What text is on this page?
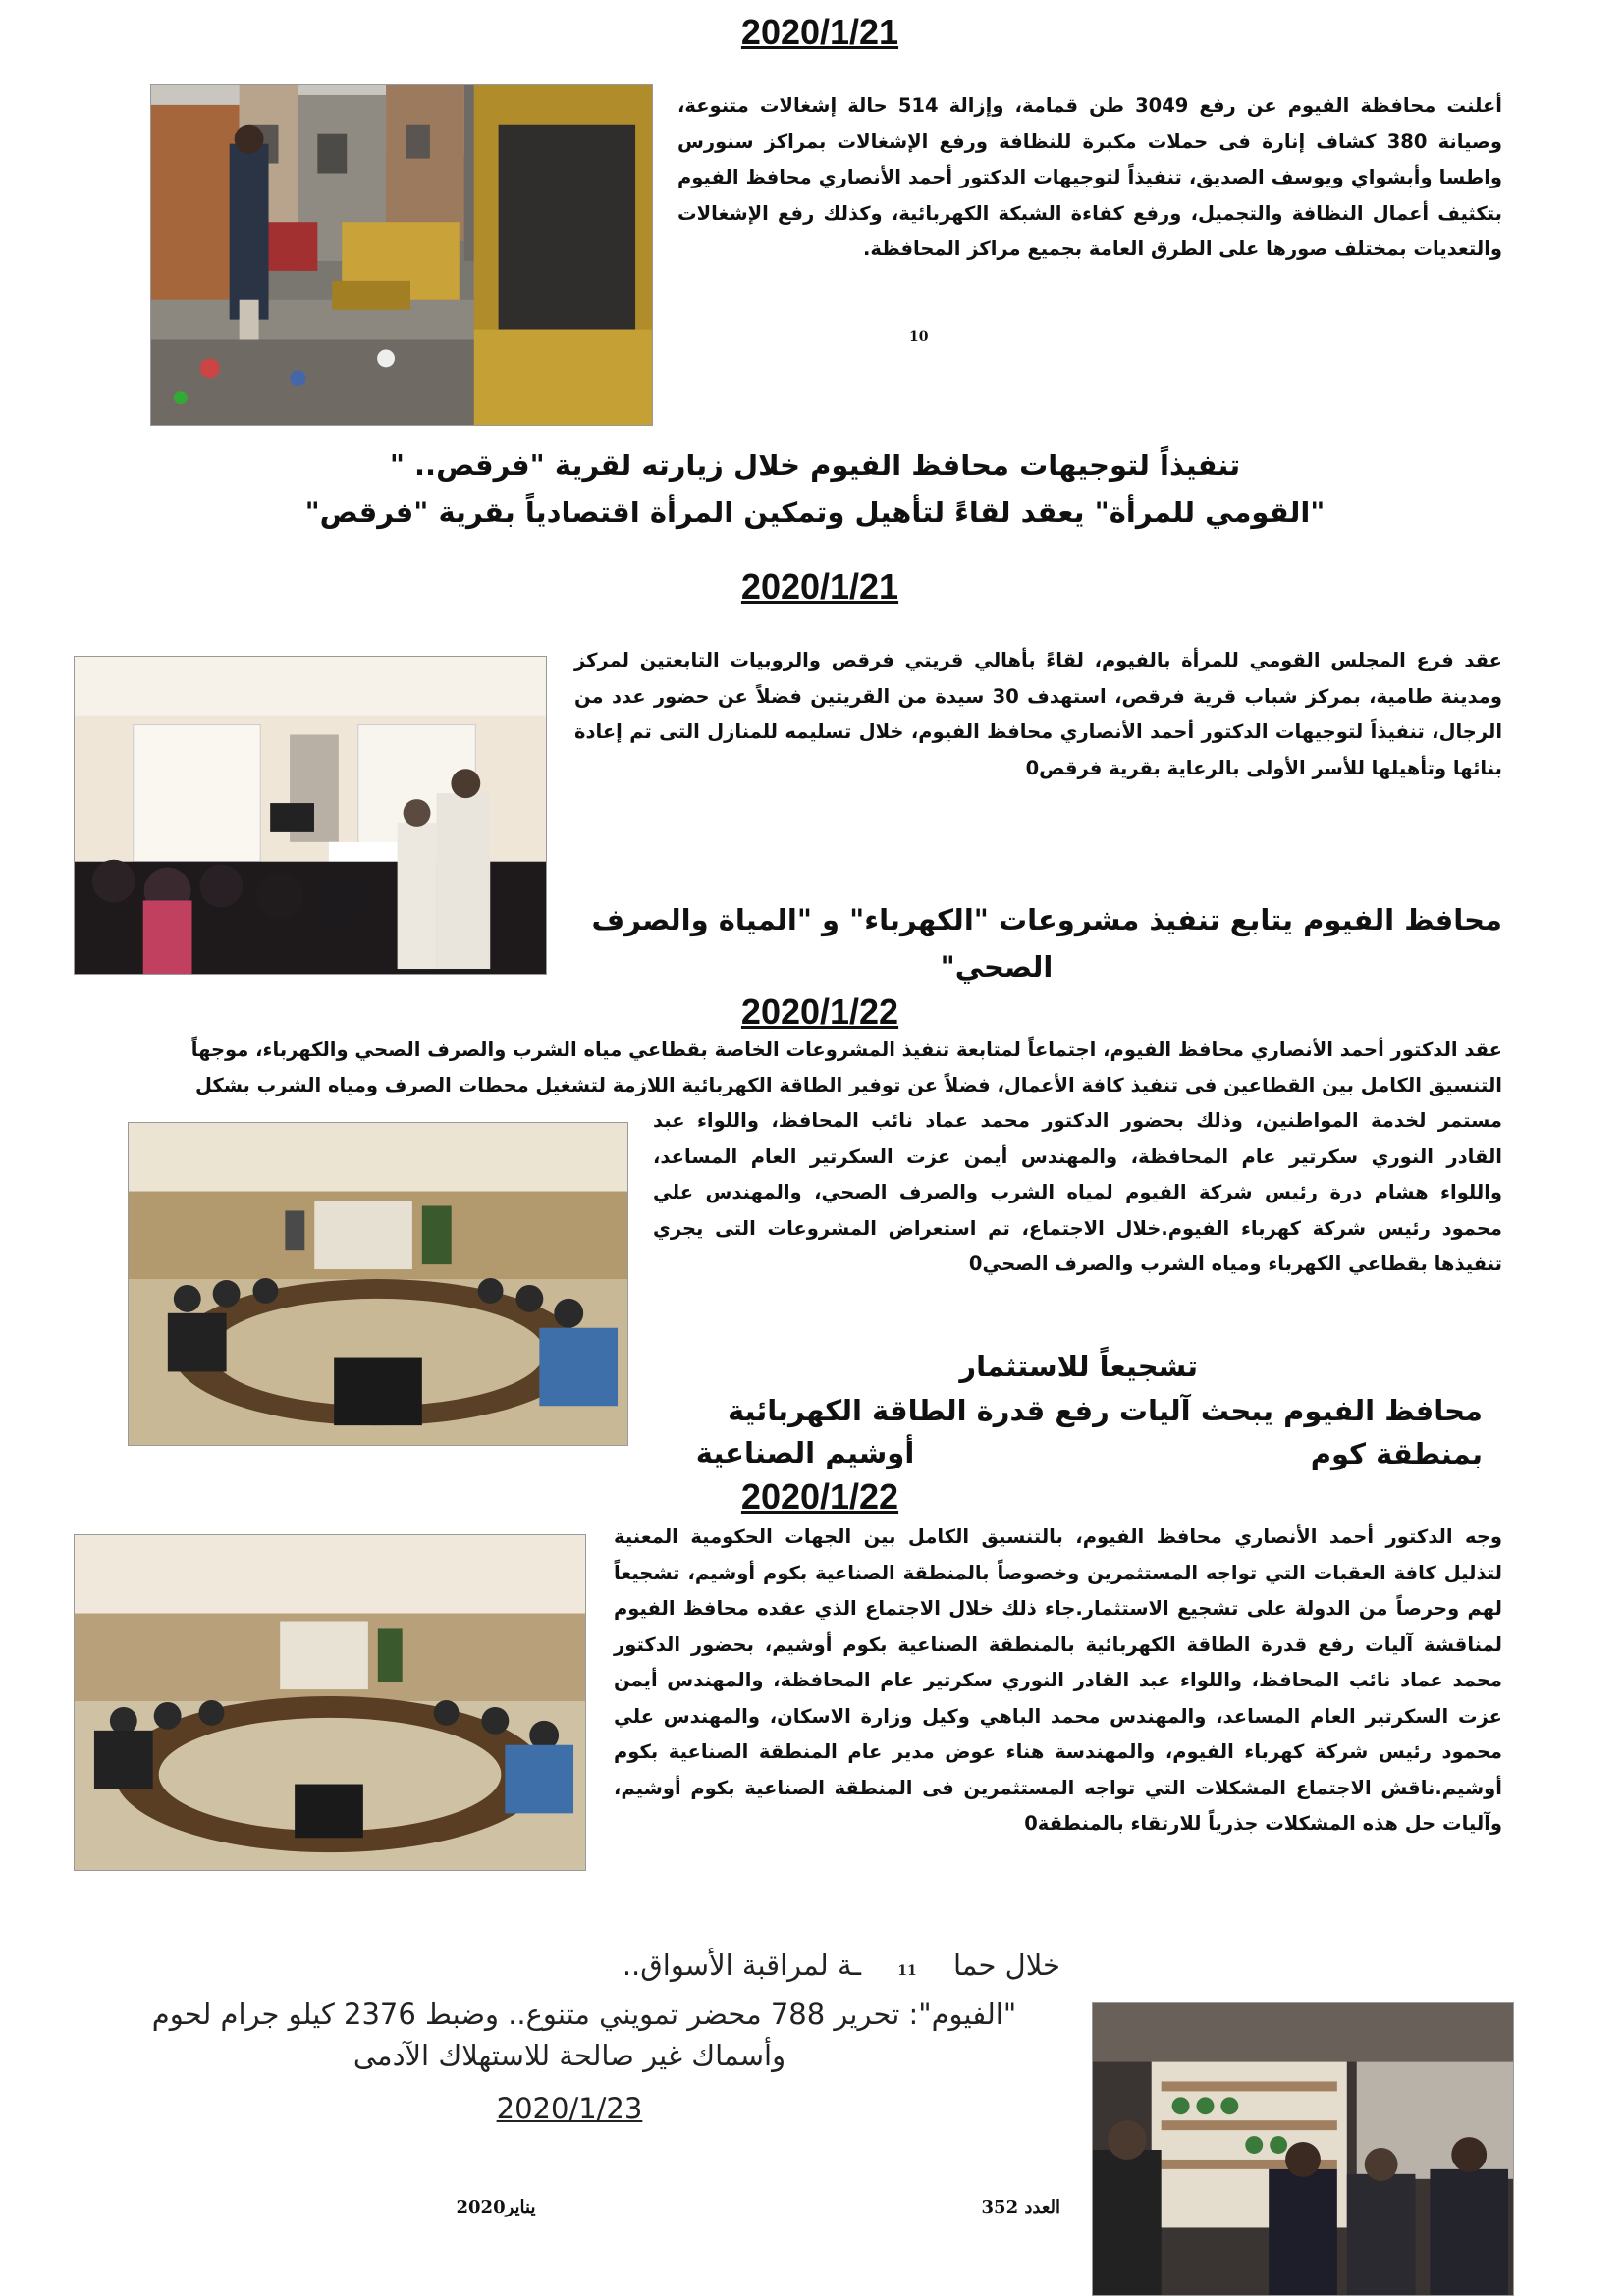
2020/1/21
أعلنت محافظة الفيوم عن رفع 3049 طن قمامة، وإزالة 514 حالة إشغالات متنوعة، وصيانة 380 كشاف إنارة فى حملات مكبرة للنظافة ورفع الإشغالات بمراكز سنورس واطسا وأبشواي ويوسف الصديق، تنفيذاً لتوجيهات الدكتور أحمد الأنصاري محافظ الفيوم بتكثيف أعمال النظافة والتجميل، ورفع كفاءة الشبكة الكهربائية، وكذلك رفع الإشغالات والتعديات بمختلف صورها على الطرق العامة بجميع مراكز المحافظة.
10
تنفيذاً لتوجيهات محافظ الفيوم خلال زيارته لقرية "فرقص.. "
"القومي للمرأة" يعقد لقاءً لتأهيل وتمكين المرأة اقتصادياً بقرية "فرقص"
2020/1/21
عقد فرع المجلس القومي للمرأة بالفيوم، لقاءً بأهالي قريتي فرقص والروبيات التابعتين لمركز ومدينة طامية، بمركز شباب قرية فرقص، استهدف 30 سيدة من القريتين فضلاً عن حضور عدد من الرجال، تنفيذاً لتوجيهات الدكتور أحمد الأنصاري محافظ الفيوم، خلال تسليمه للمنازل التى تم إعادة بنائها وتأهيلها للأسر الأولى بالرعاية بقرية فرقص0
محافظ الفيوم يتابع تنفيذ مشروعات "الكهرباء" و "المياة والصرف
الصحي"
2020/1/22
عقد الدكتور أحمد الأنصاري محافظ الفيوم، اجتماعاً لمتابعة تنفيذ المشروعات الخاصة بقطاعي مياه الشرب والصرف الصحي والكهرباء، موجهاً
التنسيق الكامل بين القطاعين فى تنفيذ كافة الأعمال، فضلاً عن توفير الطاقة الكهربائية اللازمة لتشغيل محطات الصرف ومياه الشرب بشكل
مستمر لخدمة المواطنين، وذلك بحضور الدكتور محمد عماد نائب المحافظ، واللواء عبد القادر النوري سكرتير عام المحافظة، والمهندس أيمن عزت السكرتير العام المساعد، واللواء هشام درة رئيس شركة الفيوم لمياه الشرب والصرف الصحي، والمهندس علي محمود رئيس شركة كهرباء الفيوم.خلال الاجتماع، تم استعراض المشروعات التى يجري تنفيذها بقطاعي الكهرباء ومياه الشرب والصرف الصحي0
تشجيعاً للاستثمار
محافظ الفيوم يبحث آليات رفع قدرة الطاقة الكهربائية بمنطقة كوم
أوشيم الصناعية
2020/1/22
وجه الدكتور أحمد الأنصاري محافظ الفيوم، بالتنسيق الكامل بين الجهات الحكومية المعنية لتذليل كافة العقبات التي تواجه المستثمرين وخصوصاً بالمنطقة الصناعية بكوم أوشيم، تشجيعاً لهم وحرصاً من الدولة على تشجيع الاستثمار.جاء ذلك خلال الاجتماع الذي عقده محافظ الفيوم لمناقشة آليات رفع قدرة الطاقة الكهربائية بالمنطقة الصناعية بكوم أوشيم، بحضور الدكتور محمد عماد نائب المحافظ، واللواء عبد القادر النوري سكرتير عام المحافظة، والمهندس أيمن عزت السكرتير العام المساعد، والمهندس محمد الباهي وكيل وزارة الاسكان، والمهندس علي محمود رئيس شركة كهرباء الفيوم، والمهندسة هناء عوض مدير عام المنطقة الصناعية بكوم أوشيم.ناقش الاجتماع المشكلات التي تواجه المستثمرين فى المنطقة الصناعية بكوم أوشيم، وآليات حل هذه المشكلات جذرياً للارتقاء بالمنطقة0
خلال حما 11 ـة لمراقبة الأسواق..
"الفيوم": تحرير 788 محضر تمويني متنوع.. وضبط 2376 كيلو جرام لحوم
وأسماك غير صالحة للاستهلاك الآدمى
2020/1/23
العدد 352
يناير2020
